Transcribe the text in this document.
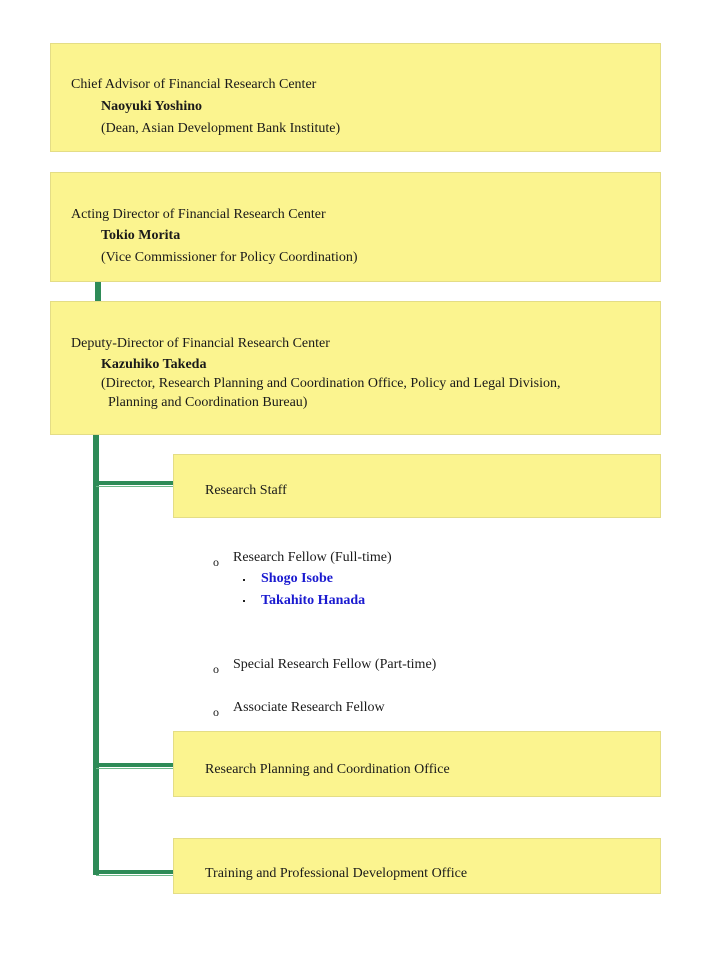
Chief Advisor of Financial Research Center
Naoyuki Yoshino
(Dean, Asian Development Bank Institute)
Acting Director of Financial Research Center
Tokio Morita
(Vice Commissioner for Policy Coordination)
Deputy-Director of Financial Research Center
Kazuhiko Takeda
(Director, Research Planning and Coordination Office, Policy and Legal Division,
Planning and Coordination Bureau)
Research Staff
o Research Fellow (Full-time)
Shogo Isobe
Takahito Hanada
o Special Research Fellow (Part-time)
o Associate Research Fellow
Research Planning and Coordination Office
Training and Professional Development Office
